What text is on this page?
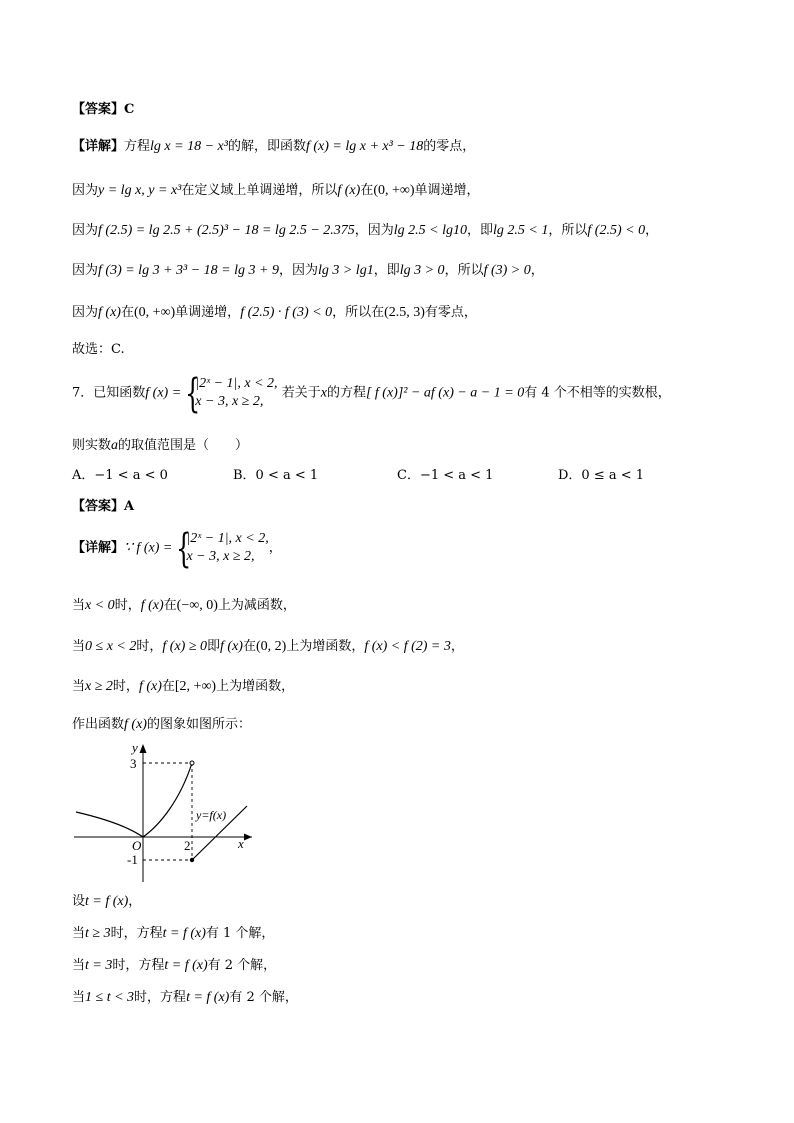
【答案】C
【详解】方程lg x = 18 − x³的解，即函数f (x) = lg x + x³ − 18的零点，
因为y = lg x, y = x³在定义域上单调递增，所以f (x)在(0, +∞)单调递增，
因为f (2.5) = lg 2.5 + (2.5)³ − 18 = lg 2.5 − 2.375，因为lg 2.5 < lg10，即lg 2.5 < 1，所以f (2.5) < 0，
因为f (3) = lg 3 + 3³ − 18 = lg 3 + 9，因为lg 3 > lg1，即lg 3 > 0，所以f (3) > 0，
因为f (x)在(0, +∞)单调递增，f (2.5) · f (3) < 0，所以在(2.5, 3)有零点，
故选：C.
7．已知函数f (x) = {
|2ˣ − 1|, x < 2,
x − 3, x ≥ 2,
若关于x的方程[ f (x)]² − af (x) − a − 1 = 0有 4 个不相等的实数根，
则实数a的取值范围是（　　）
A．−1 < a < 0	B．0 < a < 1	C．−1 < a < 1	D．0 ≤ a < 1
【答案】A
【详解】∵ f (x) = {
|2ˣ − 1|, x < 2,
x − 3, x ≥ 2,
，
当x < 0时，f (x)在(−∞, 0)上为减函数，
当0 ≤ x < 2时，f (x) ≥ 0即f (x)在(0, 2)上为增函数，f (x) < f (2) = 3，
当x ≥ 2时，f (x)在[2, +∞)上为增函数，
作出函数f (x)的图象如图所示：
y
x
O
3
2
-1
y=f(x)
设t = f (x)，
当t ≥ 3时，方程t = f (x)有 1 个解，
当t = 3时，方程t = f (x)有 2 个解，
当1 ≤ t < 3时，方程t = f (x)有 2 个解，
